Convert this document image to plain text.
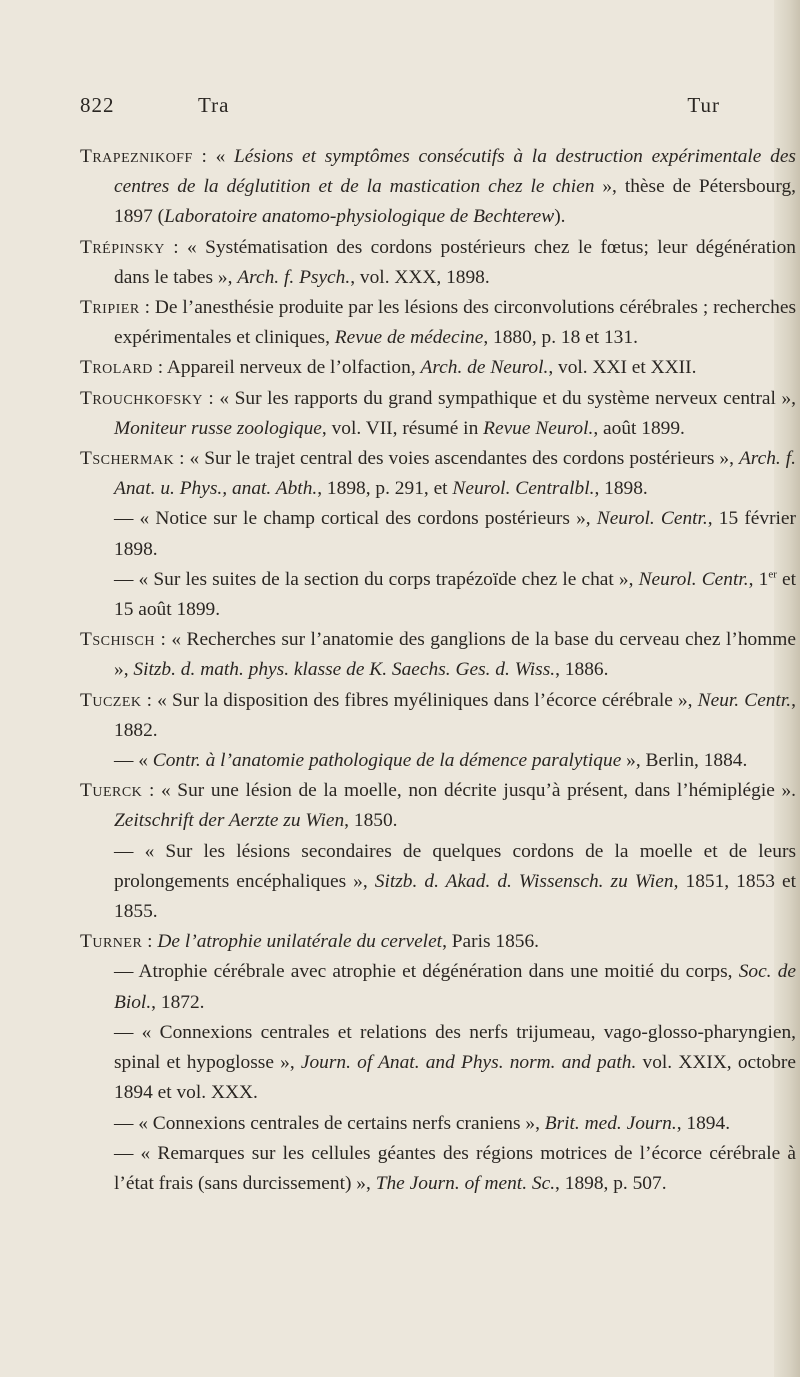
822	Tra	Tur

Trapeznikoff : « Lésions et symptômes consécutifs à la destruction expérimentale des centres de la déglutition et de la mastication chez le chien », thèse de Pétersbourg, 1897 (Laboratoire anatomo-physiologique de Bechterew).

Trépinsky : « Systématisation des cordons postérieurs chez le fœtus; leur dégénération dans le tabes », Arch. f. Psych., vol. XXX, 1898.

Tripier : De l’anesthésie produite par les lésions des circonvolutions cérébrales ; recherches expérimentales et cliniques, Revue de médecine, 1880, p. 18 et 131.

Trolard : Appareil nerveux de l’olfaction, Arch. de Neurol., vol. XXI et XXII.

Trouchkofsky : « Sur les rapports du grand sympathique et du système nerveux central », Moniteur russe zoologique, vol. VII, résumé in Revue Neurol., août 1899.

Tschermak : « Sur le trajet central des voies ascendantes des cordons postérieurs », Arch. f. Anat. u. Phys., anat. Abth., 1898, p. 291, et Neurol. Centralbl., 1898.

— « Notice sur le champ cortical des cordons postérieurs », Neurol. Centr., 15 février 1898.

— « Sur les suites de la section du corps trapézoïde chez le chat », Neurol. Centr., 1er et 15 août 1899.

Tschisch : « Recherches sur l’anatomie des ganglions de la base du cerveau chez l’homme », Sitzb. d. math. phys. klasse de K. Saechs. Ges. d. Wiss., 1886.

Tuczek : « Sur la disposition des fibres myéliniques dans l’écorce cérébrale », Neur. Centr., 1882.

— « Contr. à l’anatomie pathologique de la démence paralytique », Berlin, 1884.

Tuerck : « Sur une lésion de la moelle, non décrite jusqu’à présent, dans l’hémiplégie ». Zeitschrift der Aerzte zu Wien, 1850.

— « Sur les lésions secondaires de quelques cordons de la moelle et de leurs prolongements encéphaliques », Sitzb. d. Akad. d. Wissensch. zu Wien, 1851, 1853 et 1855.

Turner : De l’atrophie unilatérale du cervelet, Paris 1856.

— Atrophie cérébrale avec atrophie et dégénération dans une moitié du corps, Soc. de Biol., 1872.

— « Connexions centrales et relations des nerfs trijumeau, vago-glosso-pharyngien, spinal et hypoglosse », Journ. of Anat. and Phys. norm. and path. vol. XXIX, octobre 1894 et vol. XXX.

— « Connexions centrales de certains nerfs craniens », Brit. med. Journ., 1894.

— « Remarques sur les cellules géantes des régions motrices de l’écorce cérébrale à l’état frais (sans durcissement) », The Journ. of ment. Sc., 1898, p. 507.
